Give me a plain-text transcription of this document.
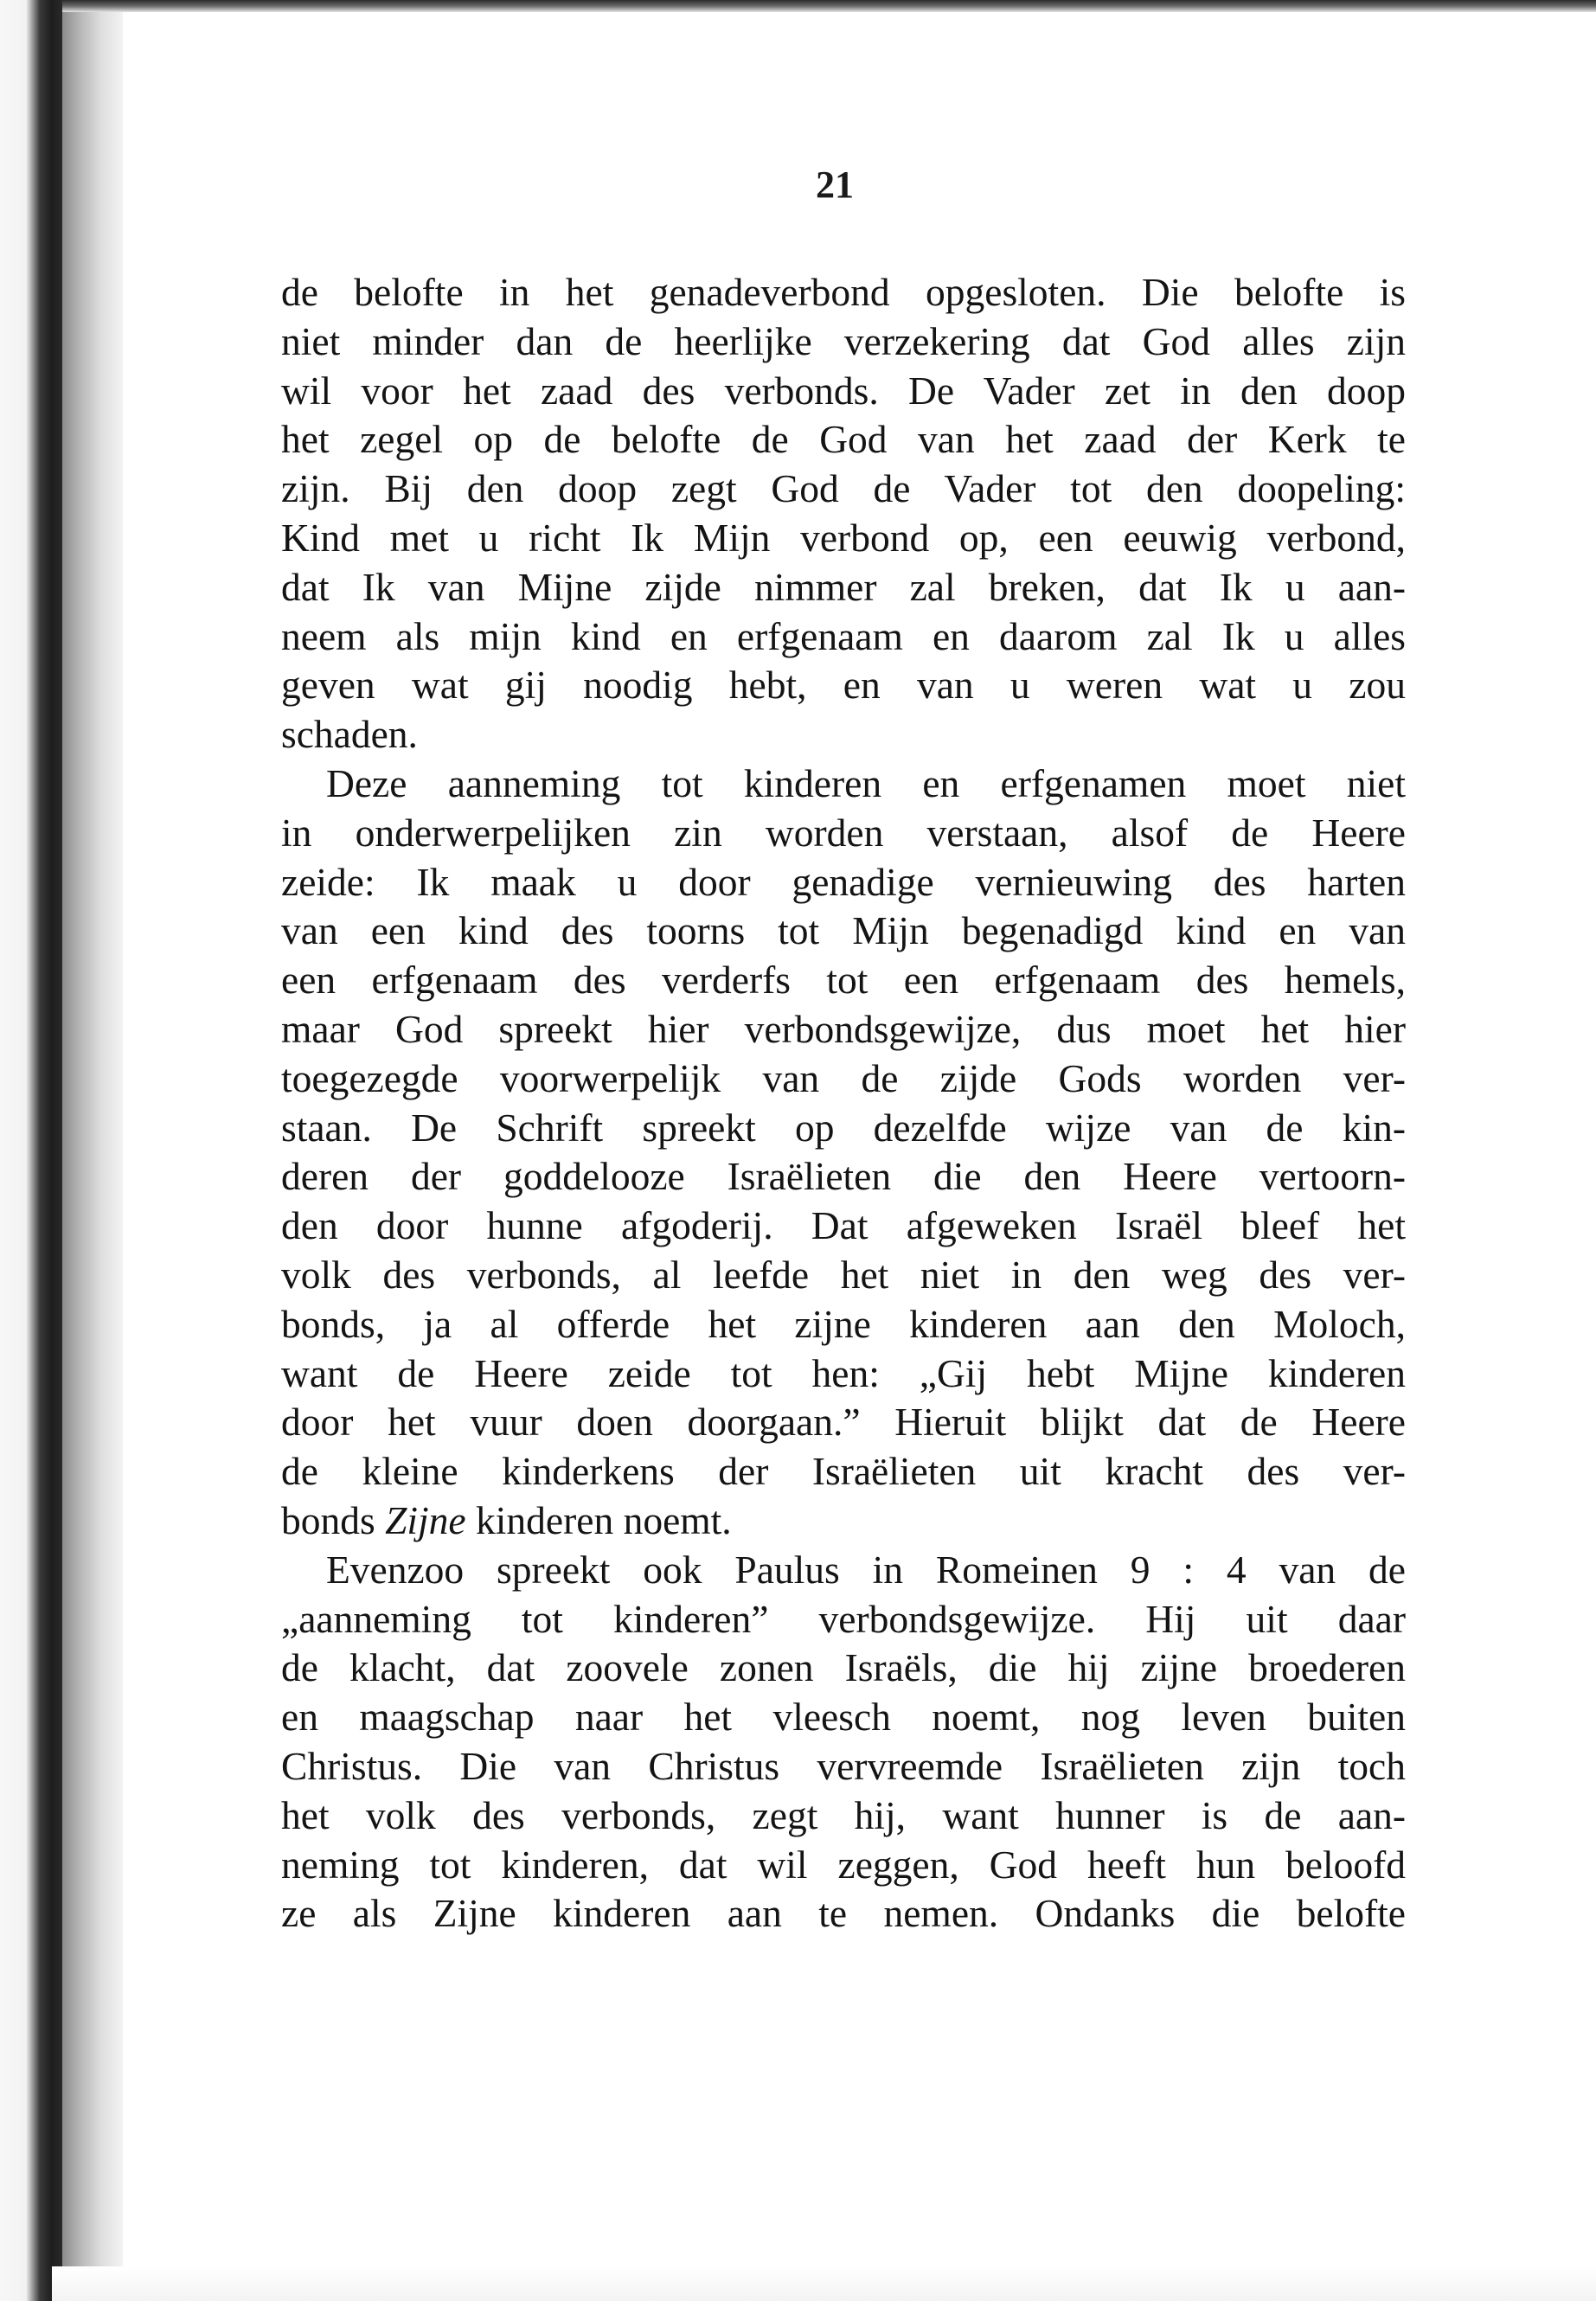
21
de belofte in het genadeverbond opgesloten. Die belofte is
niet minder dan de heerlijke verzekering dat God alles zijn
wil voor het zaad des verbonds. De Vader zet in den doop
het zegel op de belofte de God van het zaad der Kerk te
zijn. Bij den doop zegt God de Vader tot den doopeling:
Kind met u richt Ik Mijn verbond op, een eeuwig verbond,
dat Ik van Mijne zijde nimmer zal breken, dat Ik u aan-
neem als mijn kind en erfgenaam en daarom zal Ik u alles
geven wat gij noodig hebt, en van u weren wat u zou
schaden.
Deze aanneming tot kinderen en erfgenamen moet niet
in onderwerpelijken zin worden verstaan, alsof de Heere
zeide: Ik maak u door genadige vernieuwing des harten
van een kind des toorns tot Mijn begenadigd kind en van
een erfgenaam des verderfs tot een erfgenaam des hemels,
maar God spreekt hier verbondsgewijze, dus moet het hier
toegezegde voorwerpelijk van de zijde Gods worden ver-
staan. De Schrift spreekt op dezelfde wijze van de kin-
deren der goddelooze Israëlieten die den Heere vertoorn-
den door hunne afgoderij. Dat afgeweken Israël bleef het
volk des verbonds, al leefde het niet in den weg des ver-
bonds, ja al offerde het zijne kinderen aan den Moloch,
want de Heere zeide tot hen: „Gij hebt Mijne kinderen
door het vuur doen doorgaan.” Hieruit blijkt dat de Heere
de kleine kinderkens der Israëlieten uit kracht des ver-
bonds Zijne kinderen noemt.
Evenzoo spreekt ook Paulus in Romeinen 9 : 4 van de
„aanneming tot kinderen” verbondsgewijze. Hij uit daar
de klacht, dat zoovele zonen Israëls, die hij zijne broederen
en maagschap naar het vleesch noemt, nog leven buiten
Christus. Die van Christus vervreemde Israëlieten zijn toch
het volk des verbonds, zegt hij, want hunner is de aan-
neming tot kinderen, dat wil zeggen, God heeft hun beloofd
ze als Zijne kinderen aan te nemen. Ondanks die belofte
